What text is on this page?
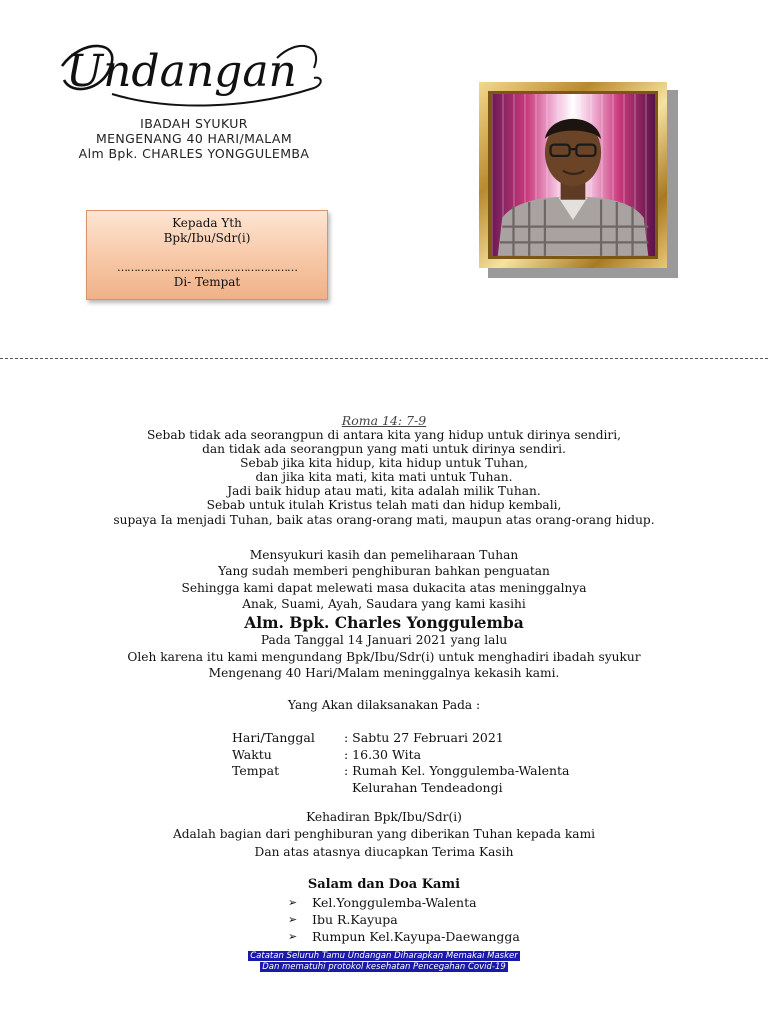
Undangan
IBADAH SYUKUR
MENGENANG 40 HARI/MALAM
Alm Bpk. CHARLES YONGGULEMBA
Kepada Yth
Bpk/Ibu/Sdr(i)
………………………………………………
Di- Tempat
Roma 14: 7-9
Sebab tidak ada seorangpun di antara kita yang hidup untuk dirinya sendiri,
dan tidak ada seorangpun yang mati untuk dirinya sendiri.
Sebab jika kita hidup, kita hidup untuk Tuhan,
dan jika kita mati, kita mati untuk Tuhan.
Jadi baik hidup atau mati, kita adalah milik Tuhan.
Sebab untuk itulah Kristus telah mati dan hidup kembali,
supaya Ia menjadi Tuhan, baik atas orang-orang mati, maupun atas orang-orang hidup.
Mensyukuri kasih dan pemeliharaan Tuhan
Yang sudah memberi penghiburan bahkan penguatan
Sehingga kami dapat melewati masa dukacita atas meninggalnya
Anak, Suami, Ayah, Saudara yang kami kasihi
Alm. Bpk. Charles Yonggulemba
Pada Tanggal 14 Januari 2021 yang lalu
Oleh karena itu kami mengundang Bpk/Ibu/Sdr(i) untuk menghadiri ibadah syukur
Mengenang 40 Hari/Malam meninggalnya kekasih kami.
Yang Akan dilaksanakan Pada :
Hari/Tanggal	: Sabtu 27 Februari 2021
Waktu	: 16.30 Wita
Tempat	: Rumah Kel. Yonggulemba-Walenta
Kelurahan Tendeadongi
Kehadiran Bpk/Ibu/Sdr(i)
Adalah bagian dari penghiburan yang diberikan Tuhan kepada kami
Dan atas atasnya diucapkan Terima Kasih
Salam dan Doa Kami
➢	Kel.Yonggulemba-Walenta
➢	Ibu R.Kayupa
➢	Rumpun Kel.Kayupa-Daewangga
Catatan Seluruh Tamu Undangan Diharapkan Memakai Masker
Dan mematuhi protokol kesehatan Pencegahan Covid-19
